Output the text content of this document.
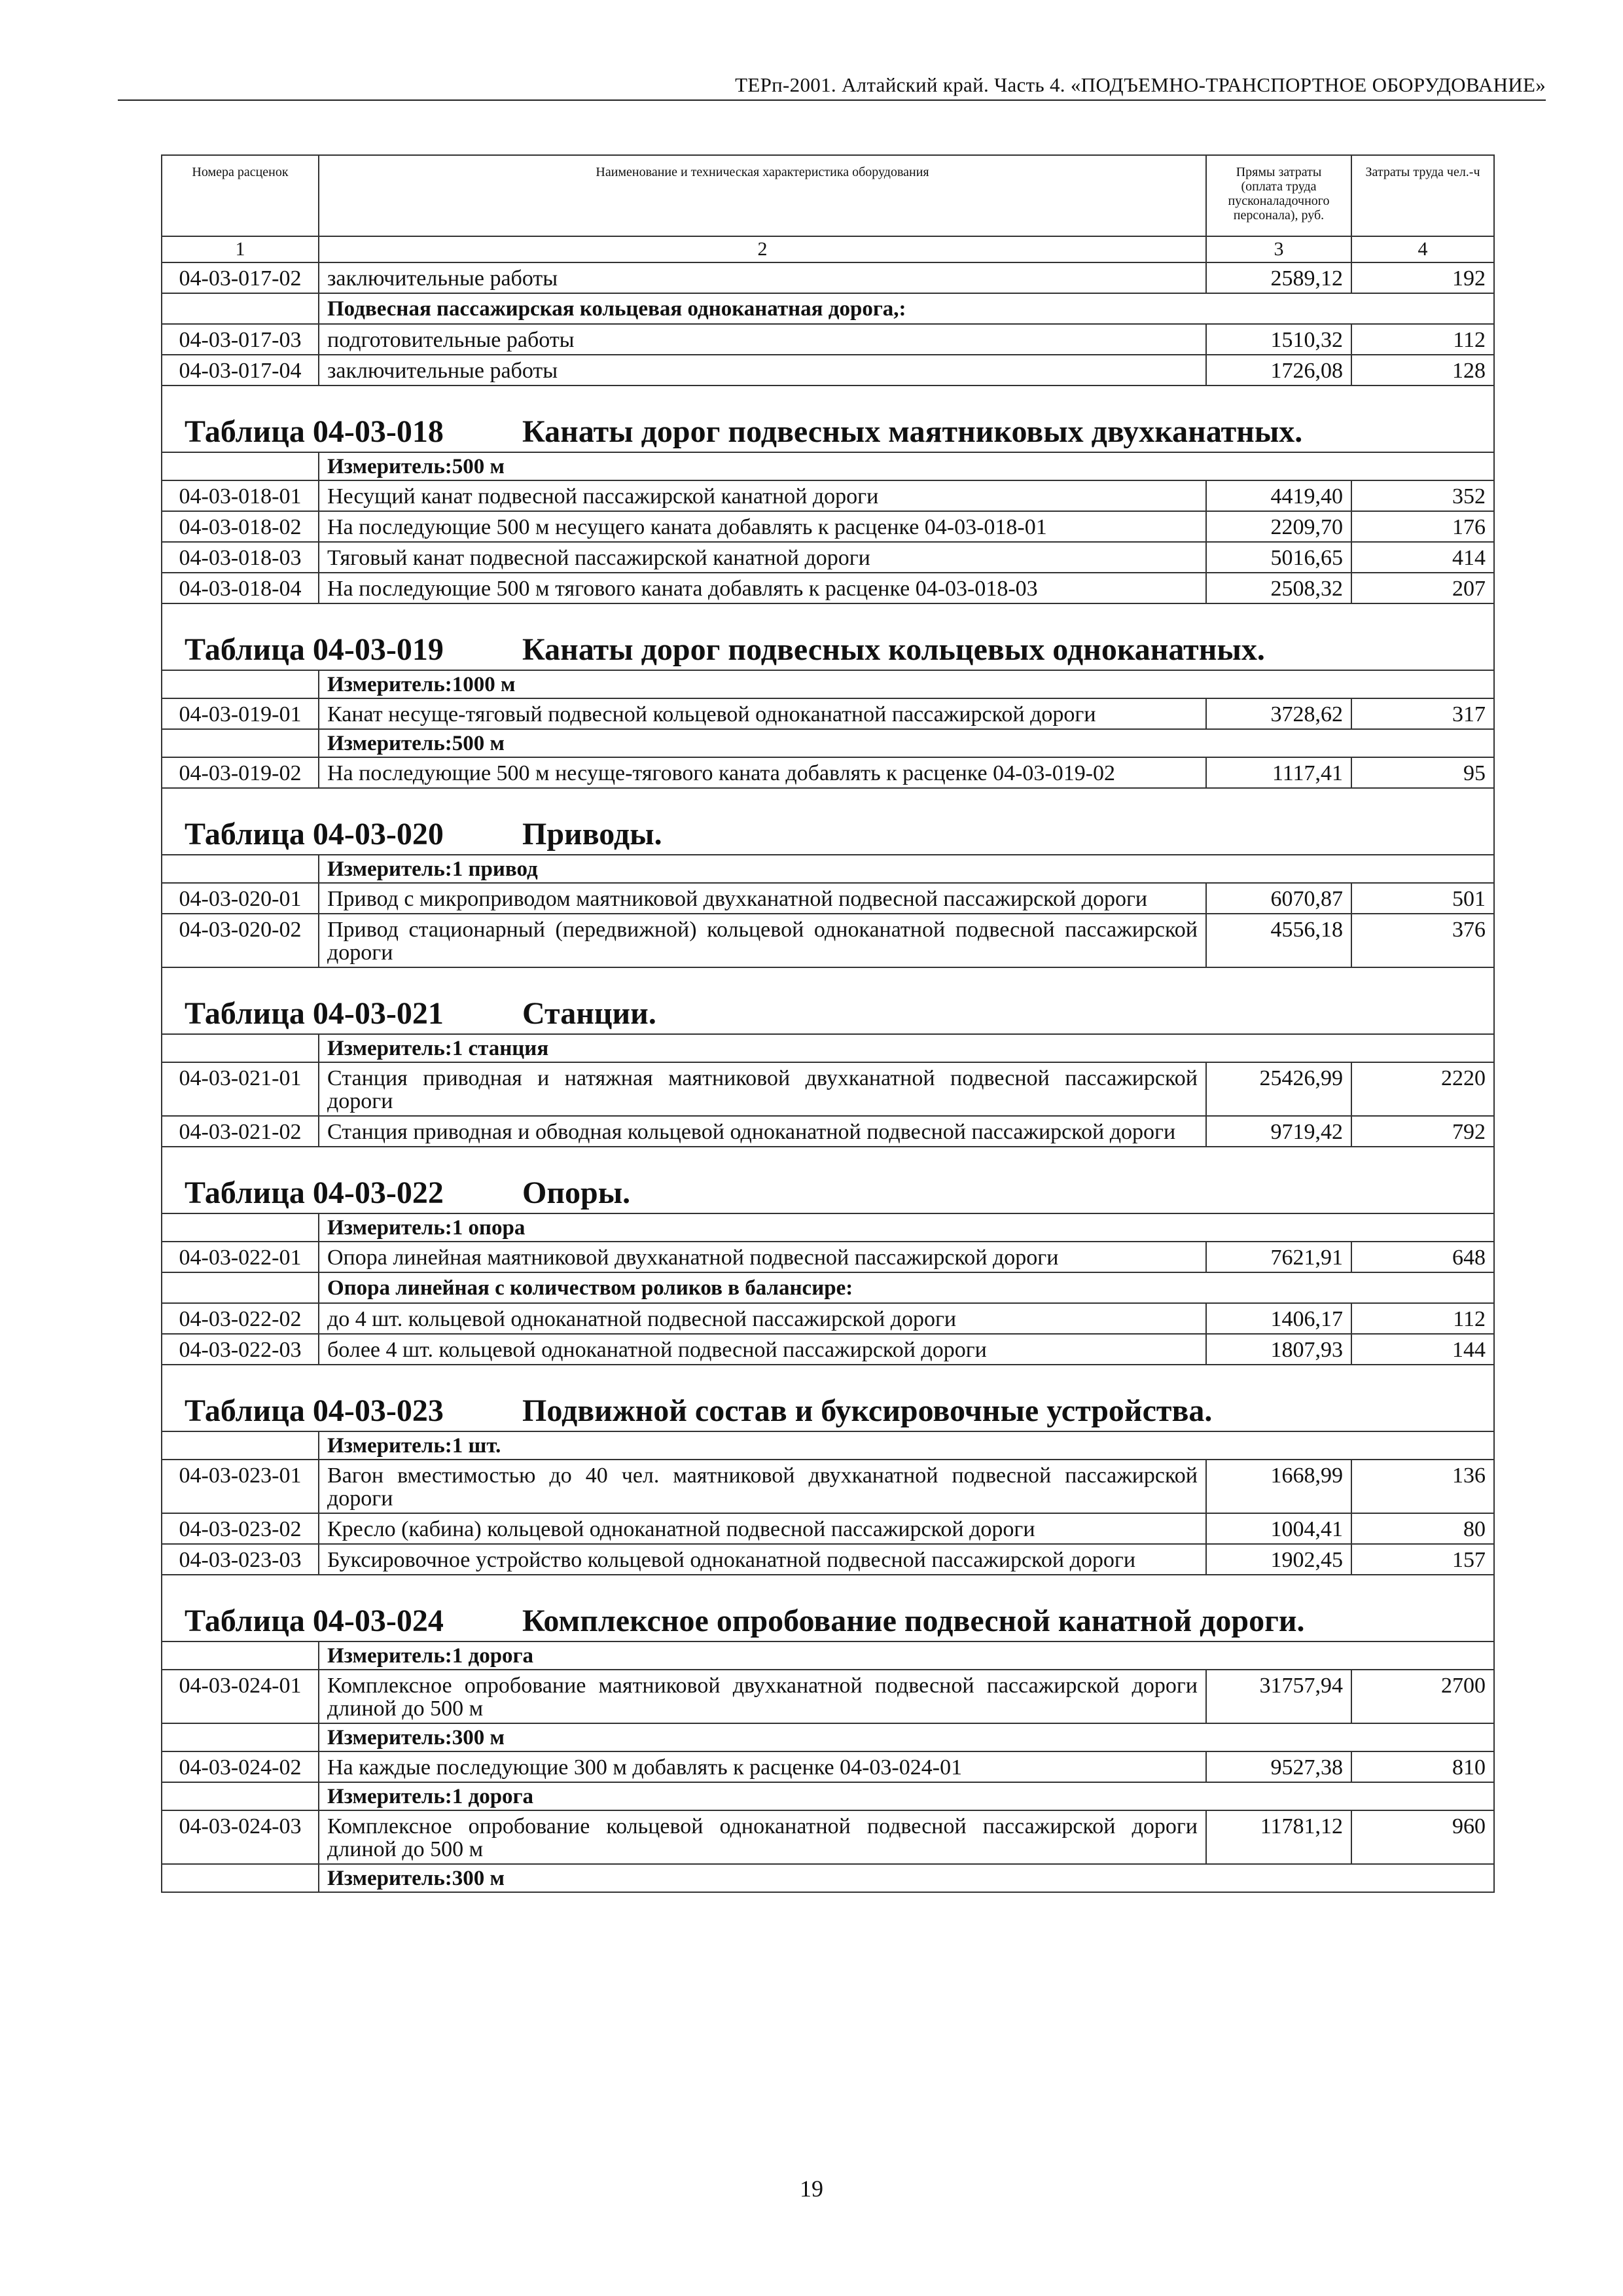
ТЕРп-2001. Алтайский край. Часть 4. «ПОДЪЕМНО-ТРАНСПОРТНОЕ ОБОРУДОВАНИЕ»
Номера расценок	Наименование и техническая характеристика оборудования	Прямы затраты (оплата труда пусконаладочного персонала), руб.	Затраты труда чел.-ч
1	2	3	4
04-03-017-02	заключительные работы	2589,12	192
	Подвесная пассажирская кольцевая одноканатная дорога,:		
04-03-017-03	подготовительные работы	1510,32	112
04-03-017-04	заключительные работы	1726,08	128
Таблица 04-03-018 Канаты дорог подвесных маятниковых двухканатных.			
	Измеритель:500 м		
04-03-018-01	Несущий канат подвесной пассажирской канатной дороги	4419,40	352
04-03-018-02	На последующие 500 м несущего каната добавлять к расценке 04-03-018-01	2209,70	176
04-03-018-03	Тяговый канат подвесной пассажирской канатной дороги	5016,65	414
04-03-018-04	На последующие 500 м тягового каната добавлять к расценке 04-03-018-03	2508,32	207
Таблица 04-03-019 Канаты дорог подвесных кольцевых одноканатных.			
	Измеритель:1000 м		
04-03-019-01	Канат несуще-тяговый подвесной кольцевой одноканатной пассажирской дороги	3728,62	317
	Измеритель:500 м		
04-03-019-02	На последующие 500 м несуще-тягового каната добавлять к расценке 04-03-019-02	1117,41	95
Таблица 04-03-020 Приводы.			
	Измеритель:1 привод		
04-03-020-01	Привод с микроприводом маятниковой двухканатной подвесной пассажирской дороги	6070,87	501
04-03-020-02	Привод стационарный (передвижной) кольцевой одноканатной подвесной пассажирской дороги	4556,18	376
Таблица 04-03-021 Станции.			
	Измеритель:1 станция		
04-03-021-01	Станция приводная и натяжная маятниковой двухканатной подвесной пассажирской дороги	25426,99	2220
04-03-021-02	Станция приводная и обводная кольцевой одноканатной подвесной пассажирской дороги	9719,42	792
Таблица 04-03-022 Опоры.			
	Измеритель:1 опора		
04-03-022-01	Опора линейная маятниковой двухканатной подвесной пассажирской дороги	7621,91	648
	Опора линейная с количеством роликов в балансире:		
04-03-022-02	до 4 шт. кольцевой одноканатной подвесной пассажирской дороги	1406,17	112
04-03-022-03	более 4 шт. кольцевой одноканатной подвесной пассажирской дороги	1807,93	144
Таблица 04-03-023 Подвижной состав и буксировочные устройства.			
	Измеритель:1 шт.		
04-03-023-01	Вагон вместимостью до 40 чел. маятниковой двухканатной подвесной пассажирской дороги	1668,99	136
04-03-023-02	Кресло (кабина) кольцевой одноканатной подвесной пассажирской дороги	1004,41	80
04-03-023-03	Буксировочное устройство кольцевой одноканатной подвесной пассажирской дороги	1902,45	157
Таблица 04-03-024 Комплексное опробование подвесной канатной дороги.			
	Измеритель:1 дорога		
04-03-024-01	Комплексное опробование маятниковой двухканатной подвесной пассажирской дороги длиной до 500 м	31757,94	2700
	Измеритель:300 м		
04-03-024-02	На каждые последующие 300 м добавлять к расценке 04-03-024-01	9527,38	810
	Измеритель:1 дорога		
04-03-024-03	Комплексное опробование кольцевой одноканатной подвесной пассажирской дороги длиной до 500 м	11781,12	960
	Измеритель:300 м		
19
